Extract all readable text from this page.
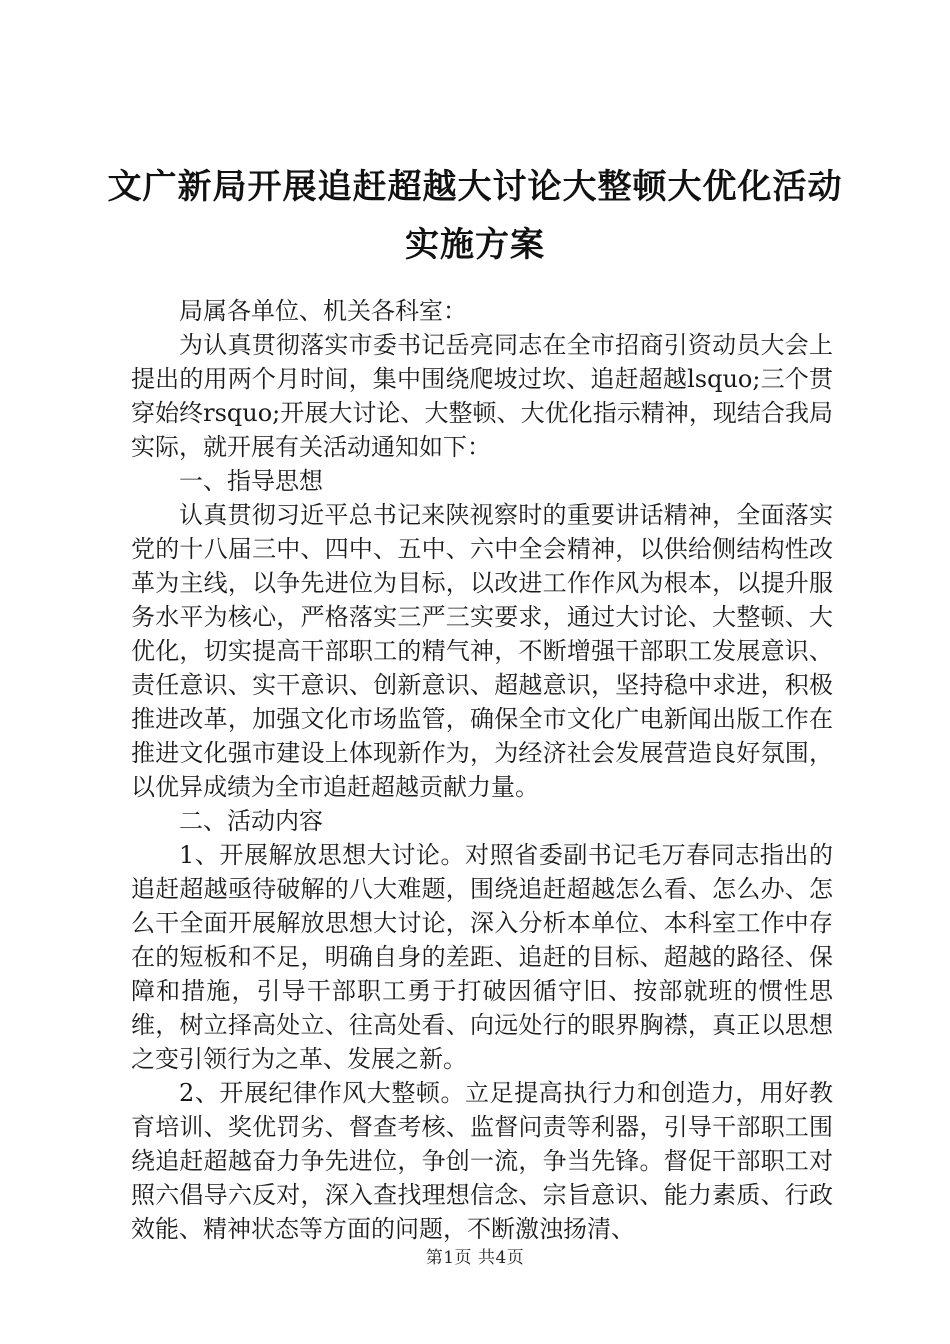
文广新局开展追赶超越大讨论大整顿大优化活动实施方案

局属各单位、机关各科室：

为认真贯彻落实市委书记岳亮同志在全市招商引资动员大会上提出的用两个月时间，集中围绕爬坡过坎、追赶超越lsquo;三个贯穿始终rsquo;开展大讨论、大整顿、大优化指示精神，现结合我局实际，就开展有关活动通知如下：

一、指导思想

认真贯彻习近平总书记来陕视察时的重要讲话精神，全面落实党的十八届三中、四中、五中、六中全会精神，以供给侧结构性改革为主线，以争先进位为目标，以改进工作作风为根本，以提升服务水平为核心，严格落实三严三实要求，通过大讨论、大整顿、大优化，切实提高干部职工的精气神，不断增强干部职工发展意识、责任意识、实干意识、创新意识、超越意识，坚持稳中求进，积极推进改革，加强文化市场监管，确保全市文化广电新闻出版工作在推进文化强市建设上体现新作为，为经济社会发展营造良好氛围，以优异成绩为全市追赶超越贡献力量。

二、活动内容

1、开展解放思想大讨论。对照省委副书记毛万春同志指出的追赶超越亟待破解的八大难题，围绕追赶超越怎么看、怎么办、怎么干全面开展解放思想大讨论，深入分析本单位、本科室工作中存在的短板和不足，明确自身的差距、追赶的目标、超越的路径、保障和措施，引导干部职工勇于打破因循守旧、按部就班的惯性思维，树立择高处立、往高处看、向远处行的眼界胸襟，真正以思想之变引领行为之革、发展之新。

2、开展纪律作风大整顿。立足提高执行力和创造力，用好教育培训、奖优罚劣、督查考核、监督问责等利器，引导干部职工围绕追赶超越奋力争先进位，争创一流，争当先锋。督促干部职工对照六倡导六反对，深入查找理想信念、宗旨意识、能力素质、行政效能、精神状态等方面的问题，不断激浊扬清、

第1页 共4页
